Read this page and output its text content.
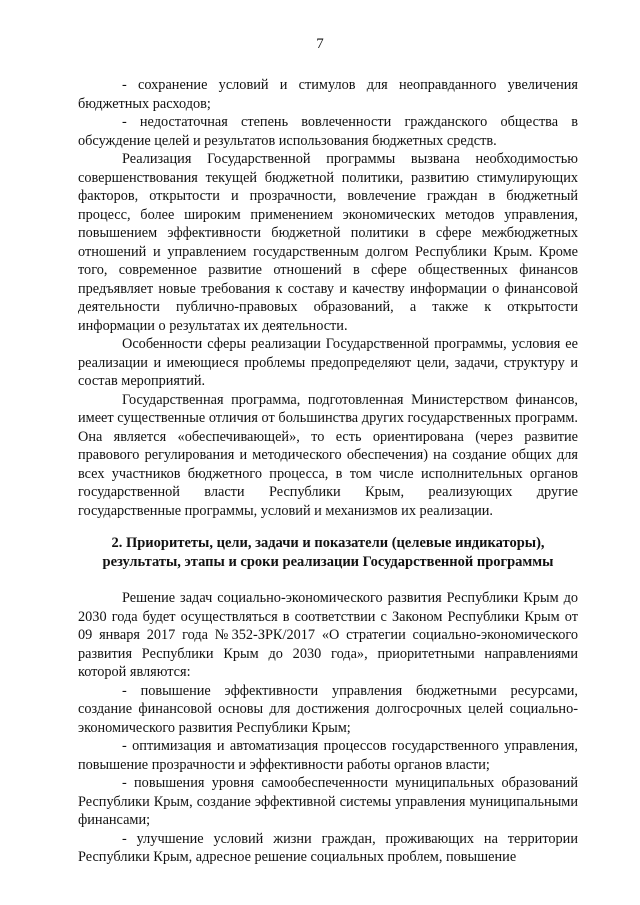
7

- сохранение условий и стимулов для неоправданного увеличения бюджетных расходов;

- недостаточная степень вовлеченности гражданского общества в обсуждение целей и результатов использования бюджетных средств.

Реализация Государственной программы вызвана необходимостью совершенствования текущей бюджетной политики, развитию стимулирующих факторов, открытости и прозрачности, вовлечение граждан в бюджетный процесс, более широким применением экономических методов управления, повышением эффективности бюджетной политики в сфере межбюджетных отношений и управлением государственным долгом Республики Крым. Кроме того, современное развитие отношений в сфере общественных финансов предъявляет новые требования к составу и качеству информации о финансовой деятельности публично-правовых образований, а также к открытости информации о результатах их деятельности.

Особенности сферы реализации Государственной программы, условия ее реализации и имеющиеся проблемы предопределяют цели, задачи, структуру и состав мероприятий.

Государственная программа, подготовленная Министерством финансов, имеет существенные отличия от большинства других государственных программ. Она является «обеспечивающей», то есть ориентирована (через развитие правового регулирования и методического обеспечения) на создание общих для всех участников бюджетного процесса, в том числе исполнительных органов государственной власти Республики Крым, реализующих другие государственные программы, условий и механизмов их реализации.

2. Приоритеты, цели, задачи и показатели (целевые индикаторы),
результаты, этапы и сроки реализации Государственной программы

Решение задач социально-экономического развития Республики Крым до 2030 года будет осуществляться в соответствии с Законом Республики Крым от 09 января 2017 года №352-ЗРК/2017 «О стратегии социально-экономического развития Республики Крым до 2030 года», приоритетными направлениями которой являются:

- повышение эффективности управления бюджетными ресурсами, создание финансовой основы для достижения долгосрочных целей социально-экономического развития Республики Крым;

- оптимизация и автоматизация процессов государственного управления, повышение прозрачности и эффективности работы органов власти;

- повышения уровня самообеспеченности муниципальных образований Республики Крым, создание эффективной системы управления муниципальными финансами;

- улучшение условий жизни граждан, проживающих на территории Республики Крым, адресное решение социальных проблем, повышение
